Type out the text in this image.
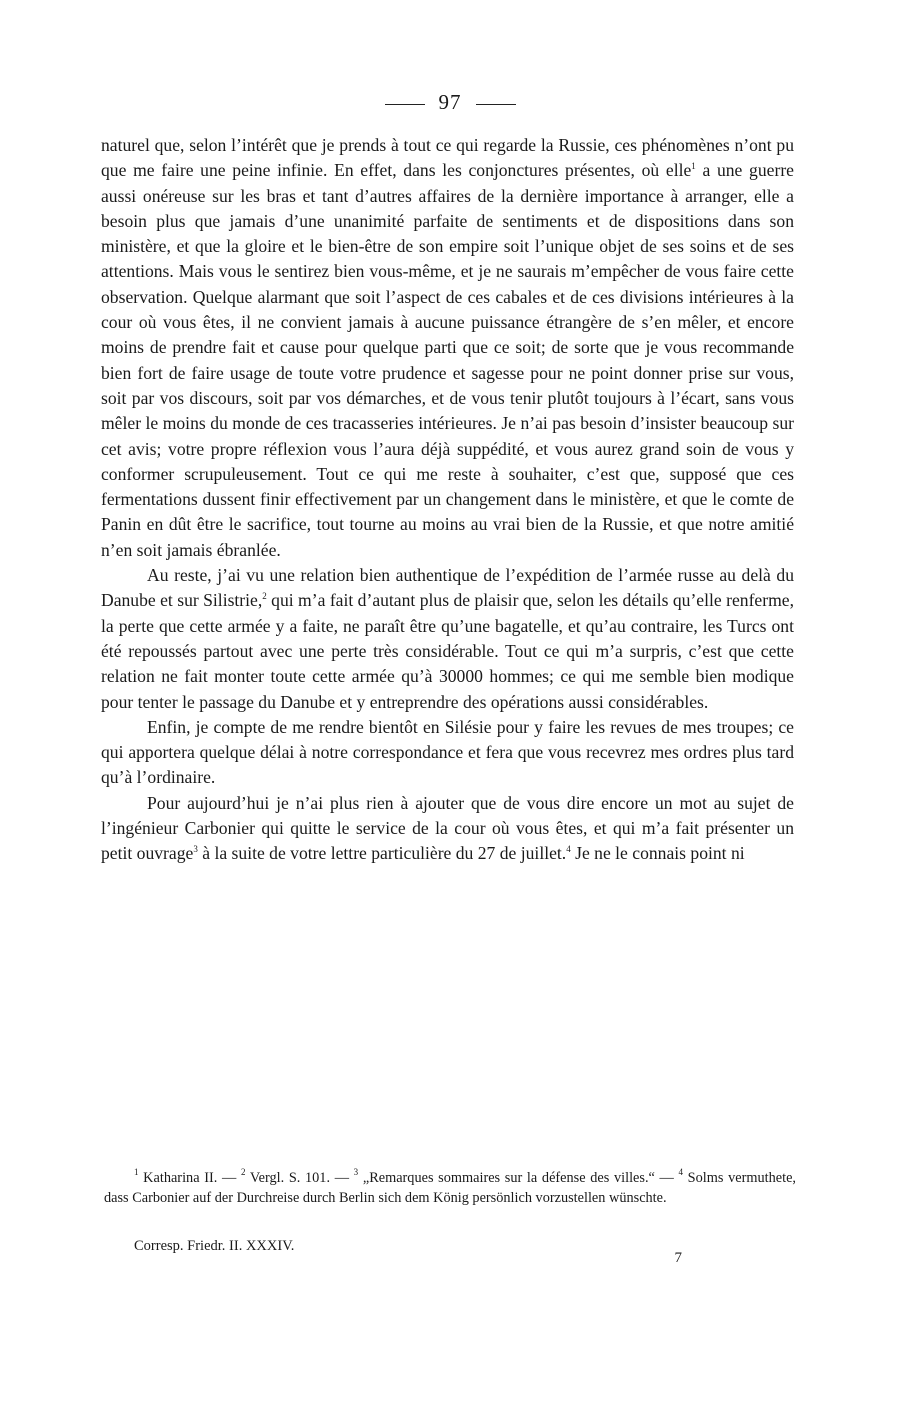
97

naturel que, selon l’intérêt que je prends à tout ce qui regarde la Russie, ces phénomènes n’ont pu que me faire une peine infinie. En effet, dans les conjonctures présentes, où elle$^1$ a une guerre aussi onéreuse sur les bras et tant d’autres affaires de la dernière importance à arranger, elle a besoin plus que jamais d’une unanimité parfaite de sentiments et de dispositions dans son ministère, et que la gloire et le bien-être de son empire soit l’unique objet de ses soins et de ses attentions. Mais vous le sentirez bien vous-même, et je ne saurais m’empêcher de vous faire cette observation. Quelque alarmant que soit l’aspect de ces cabales et de ces divisions intérieures à la cour où vous êtes, il ne convient jamais à aucune puissance étrangère de s’en mêler, et encore moins de prendre fait et cause pour quelque parti que ce soit; de sorte que je vous recommande bien fort de faire usage de toute votre prudence et sagesse pour ne point donner prise sur vous, soit par vos discours, soit par vos démarches, et de vous tenir plutôt toujours à l’écart, sans vous mêler le moins du monde de ces tracasseries intérieures. Je n’ai pas besoin d’insister beaucoup sur cet avis; votre propre réflexion vous l’aura déjà suppédité, et vous aurez grand soin de vous y conformer scrupuleusement. Tout ce qui me reste à souhaiter, c’est que, supposé que ces fermentations dussent finir effectivement par un changement dans le ministère, et que le comte de Panin en dût être le sacrifice, tout tourne au moins au vrai bien de la Russie, et que notre amitié n’en soit jamais ébranlée.

Au reste, j’ai vu une relation bien authentique de l’expédition de l’armée russe au delà du Danube et sur Silistrie,$^2$ qui m’a fait d’autant plus de plaisir que, selon les détails qu’elle renferme, la perte que cette armée y a faite, ne paraît être qu’une bagatelle, et qu’au contraire, les Turcs ont été repoussés partout avec une perte très considérable. Tout ce qui m’a surpris, c’est que cette relation ne fait monter toute cette armée qu’à 30000 hommes; ce qui me semble bien modique pour tenter le passage du Danube et y entreprendre des opérations aussi considérables.

Enfin, je compte de me rendre bientôt en Silésie pour y faire les revues de mes troupes; ce qui apportera quelque délai à notre correspondance et fera que vous recevrez mes ordres plus tard qu’à l’ordinaire.

Pour aujourd’hui je n’ai plus rien à ajouter que de vous dire encore un mot au sujet de l’ingénieur Carbonier qui quitte le service de la cour où vous êtes, et qui m’a fait présenter un petit ouvrage$^3$ à la suite de votre lettre particulière du 27 de juillet.$^4$ Je ne le connais point ni

$^1$ Katharina II. — $^2$ Vergl. S. 101. — $^3$ „Remarques sommaires sur la défense des villes.“ — $^4$ Solms vermuthete, dass Carbonier auf der Durchreise durch Berlin sich dem König persönlich vorzustellen wünschte.

Corresp. Friedr. II. XXXIV.
7
